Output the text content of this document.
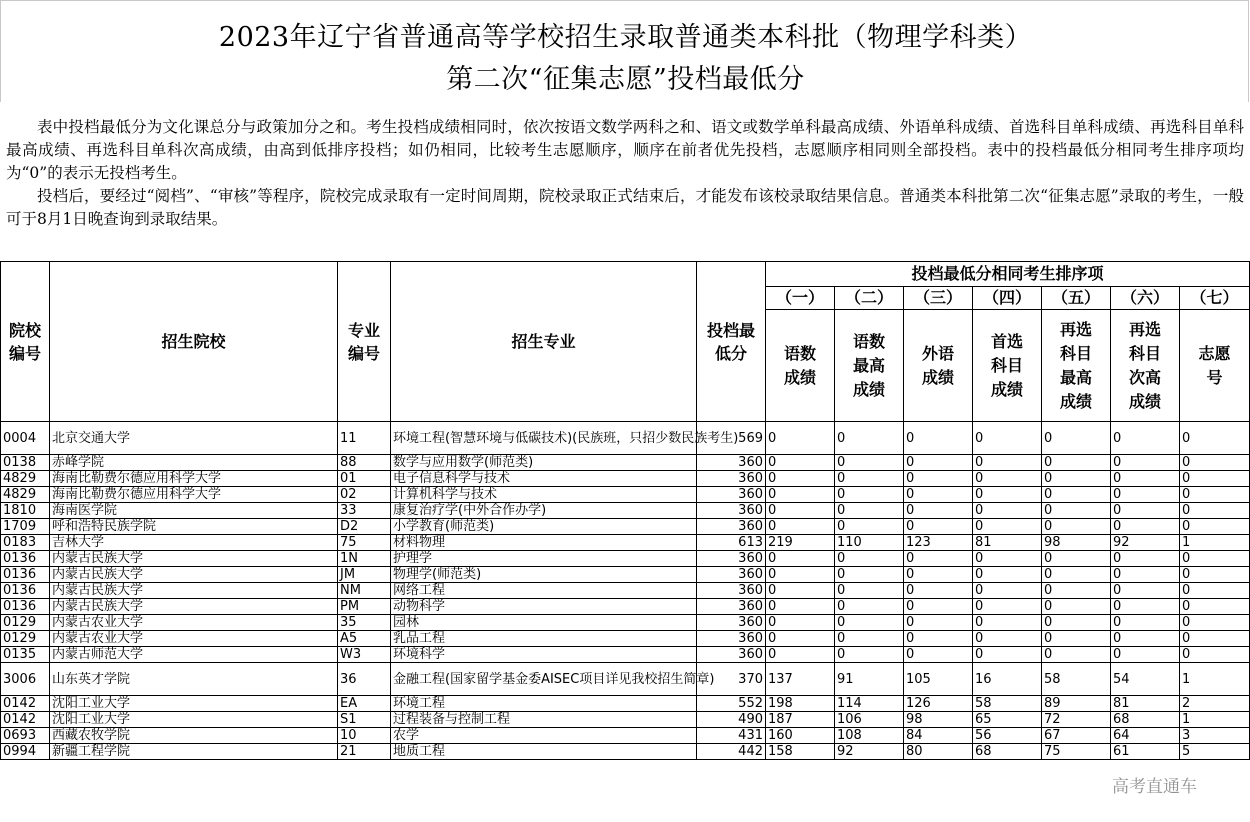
2023年辽宁省普通高等学校招生录取普通类本科批（物理学科类）
第二次“征集志愿”投档最低分

表中投档最低分为文化课总分与政策加分之和。考生投档成绩相同时，依次按语文数学两科之和、语文或数学单科最高成绩、外语单科成绩、首选科目单科成绩、再选科目单科最高成绩、再选科目单科次高成绩，由高到低排序投档；如仍相同，比较考生志愿顺序，顺序在前者优先投档，志愿顺序相同则全部投档。表中的投档最低分相同考生排序项均为“0”的表示无投档考生。

投档后，要经过“阅档”、“审核”等程序，院校完成录取有一定时间周期，院校录取正式结束后，才能发布该校录取结果信息。普通类本科批第二次“征集志愿”录取的考生，一般可于8月1日晚查询到录取结果。

院校编号	招生院校	专业编号	招生专业	投档最低分	投档最低分相同考生排序项						
					（一）	（二）	（三）	（四）	（五）	（六）	（七）
					语数成绩	语数最高成绩	外语成绩	首选科目成绩	再选科目最高成绩	再选科目次高成绩	志愿号
0004	北京交通大学	11	环境工程(智慧环境与低碳技术)(民族班，只招少数民族考生)	569	0	0	0	0	0	0	0
0138	赤峰学院	88	数学与应用数学(师范类)	360	0	0	0	0	0	0	0
4829	海南比勒费尔德应用科学大学	01	电子信息科学与技术	360	0	0	0	0	0	0	0
4829	海南比勒费尔德应用科学大学	02	计算机科学与技术	360	0	0	0	0	0	0	0
1810	海南医学院	33	康复治疗学(中外合作办学)	360	0	0	0	0	0	0	0
1709	呼和浩特民族学院	D2	小学教育(师范类)	360	0	0	0	0	0	0	0
0183	吉林大学	75	材料物理	613	219	110	123	81	98	92	1
0136	内蒙古民族大学	1N	护理学	360	0	0	0	0	0	0	0
0136	内蒙古民族大学	JM	物理学(师范类)	360	0	0	0	0	0	0	0
0136	内蒙古民族大学	NM	网络工程	360	0	0	0	0	0	0	0
0136	内蒙古民族大学	PM	动物科学	360	0	0	0	0	0	0	0
0129	内蒙古农业大学	35	园林	360	0	0	0	0	0	0	0
0129	内蒙古农业大学	A5	乳品工程	360	0	0	0	0	0	0	0
0135	内蒙古师范大学	W3	环境科学	360	0	0	0	0	0	0	0
3006	山东英才学院	36	金融工程(国家留学基金委AISEC项目详见我校招生简章)	370	137	91	105	16	58	54	1
0142	沈阳工业大学	EA	环境工程	552	198	114	126	58	89	81	2
0142	沈阳工业大学	S1	过程装备与控制工程	490	187	106	98	65	72	68	1
0693	西藏农牧学院	10	农学	431	160	108	84	56	67	64	3
0994	新疆工程学院	21	地质工程	442	158	92	80	68	75	61	5
高考直通车
